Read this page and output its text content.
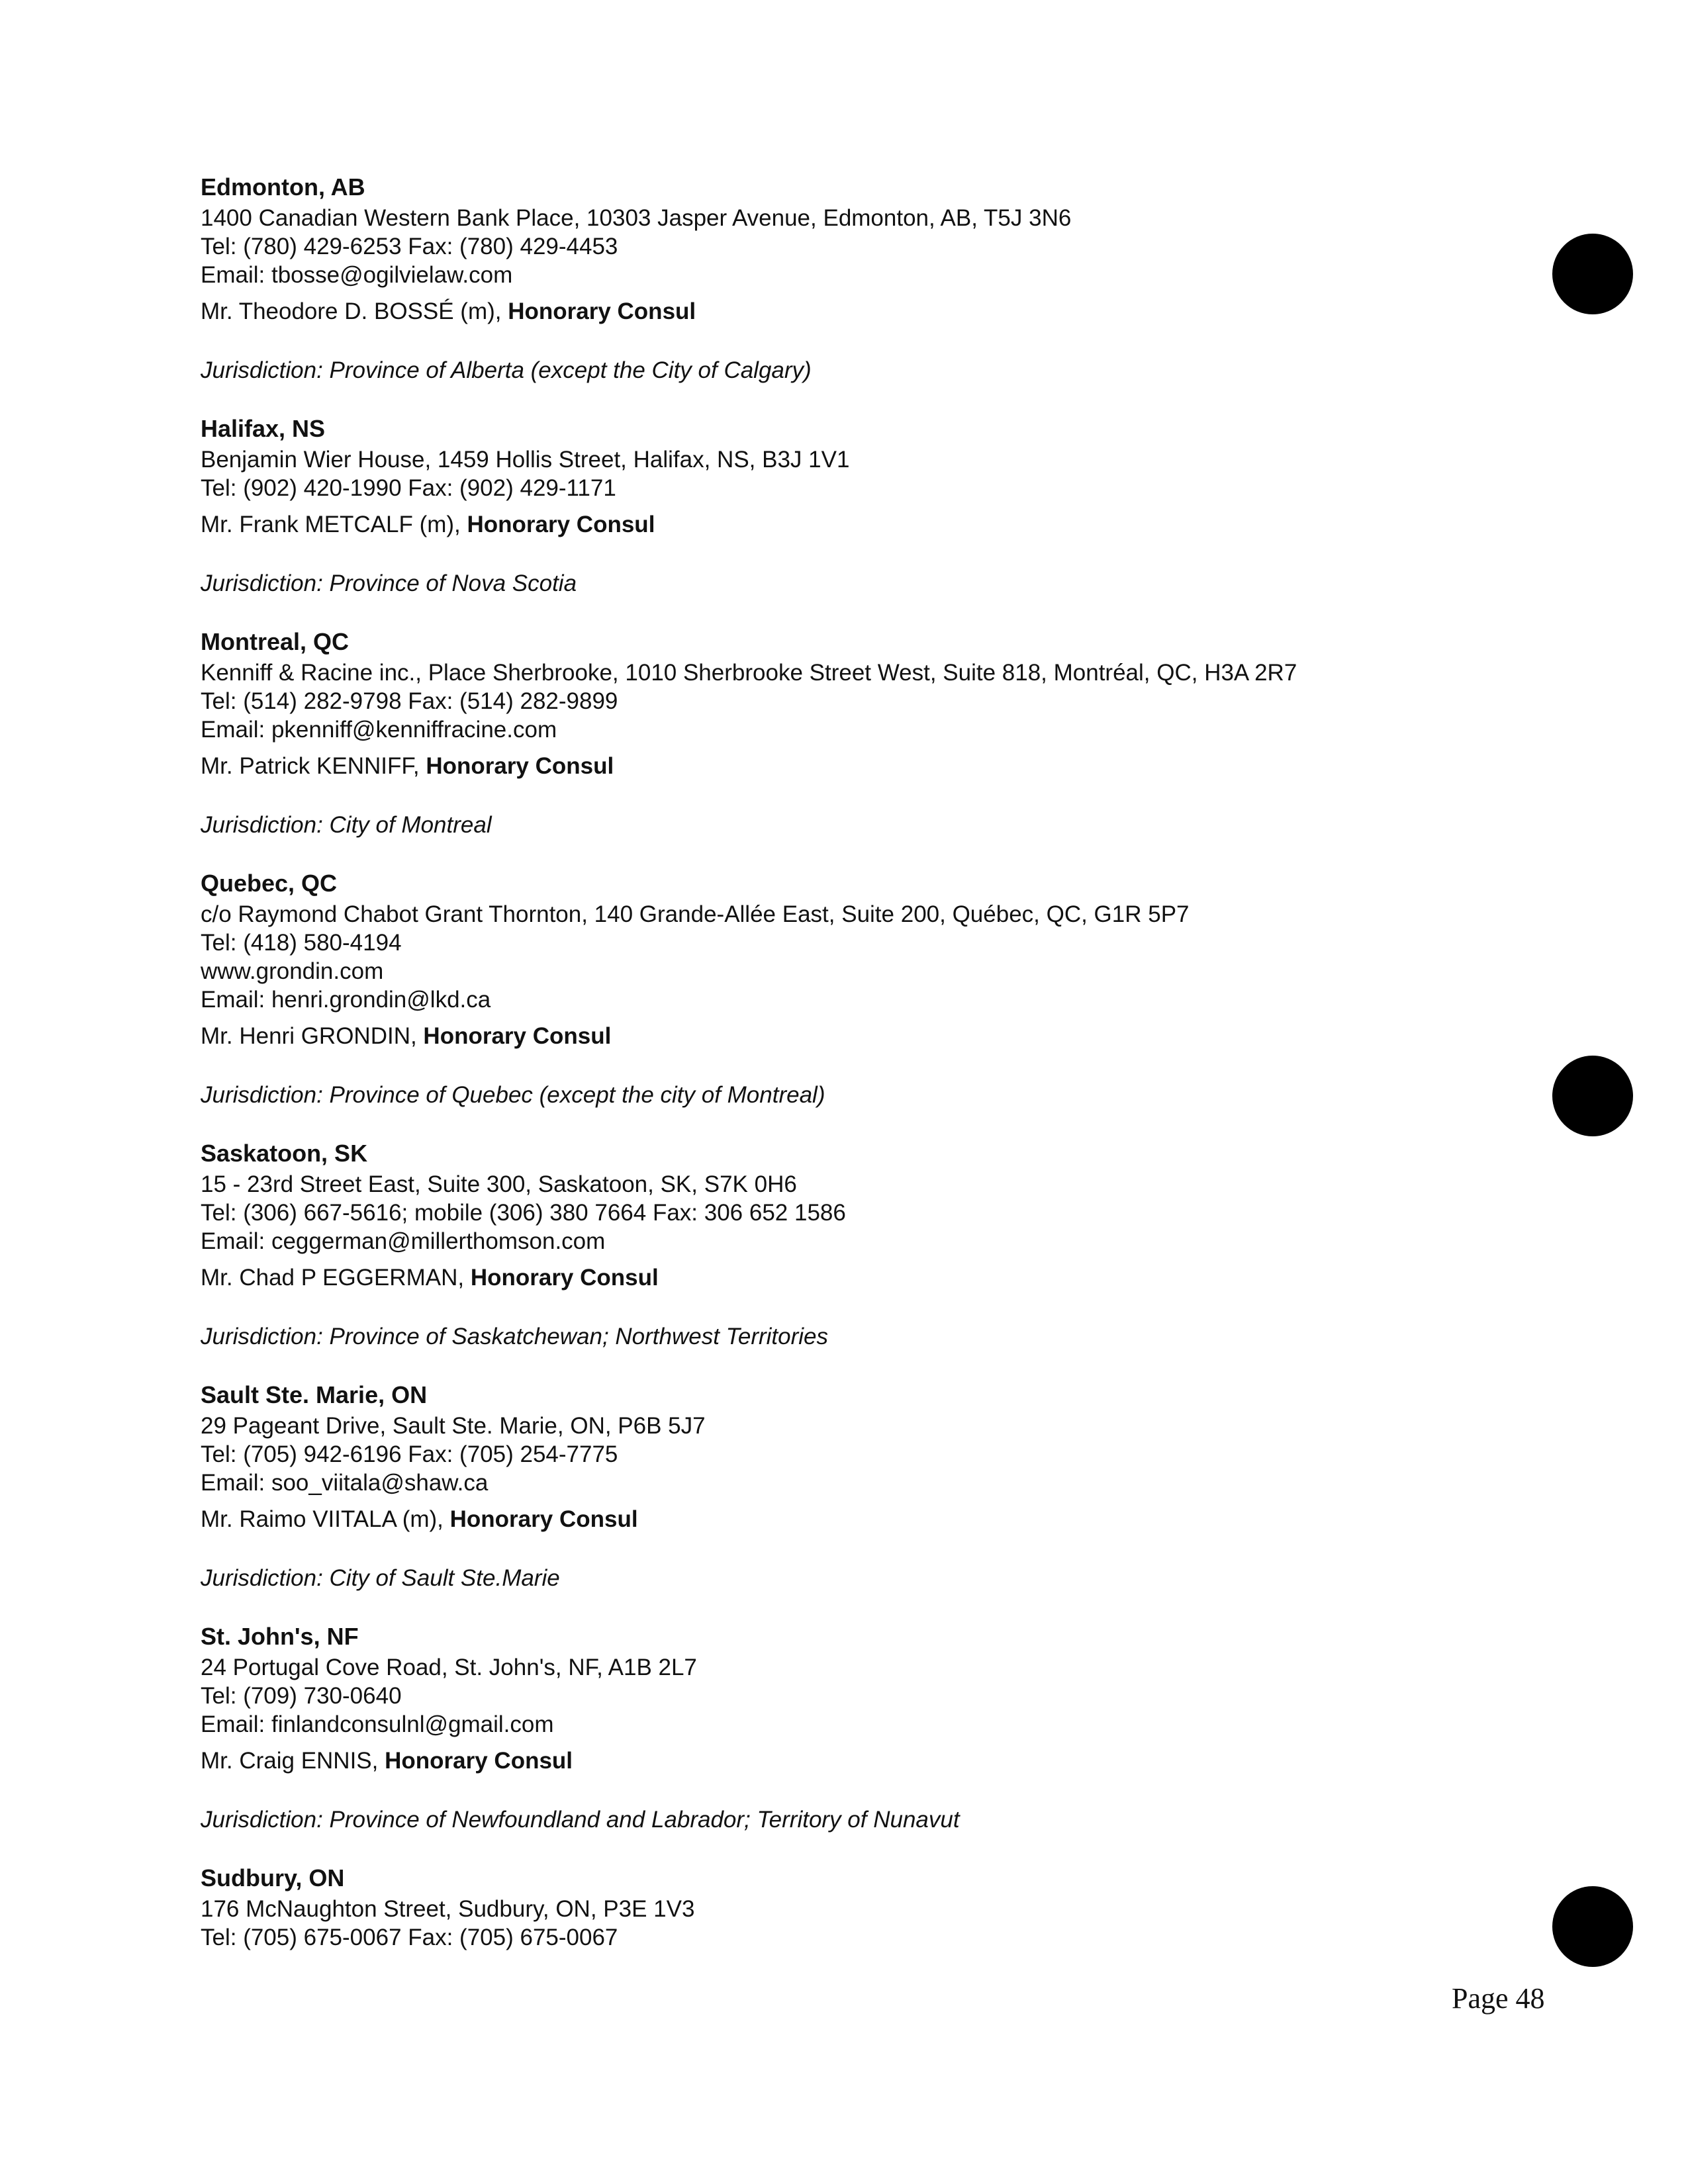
Edmonton, AB
1400 Canadian Western Bank Place, 10303 Jasper Avenue, Edmonton, AB, T5J 3N6
Tel: (780) 429-6253 Fax: (780) 429-4453
Email: tbosse@ogilvielaw.com
Mr. Theodore D. BOSSÉ (m), Honorary Consul
Jurisdiction: Province of Alberta (except the City of Calgary)
Halifax, NS
Benjamin Wier House, 1459 Hollis Street, Halifax, NS, B3J 1V1
Tel: (902) 420-1990 Fax: (902) 429-1171
Mr. Frank METCALF (m), Honorary Consul
Jurisdiction: Province of Nova Scotia
Montreal, QC
Kenniff & Racine inc., Place Sherbrooke, 1010 Sherbrooke Street West, Suite 818, Montréal, QC, H3A 2R7
Tel: (514) 282-9798 Fax: (514) 282-9899
Email: pkenniff@kenniffracine.com
Mr. Patrick KENNIFF, Honorary Consul
Jurisdiction: City of Montreal
Quebec, QC
c/o Raymond Chabot Grant Thornton, 140 Grande-Allée East, Suite 200, Québec, QC, G1R 5P7
Tel: (418) 580-4194
www.grondin.com
Email: henri.grondin@lkd.ca
Mr. Henri GRONDIN, Honorary Consul
Jurisdiction: Province of Quebec (except the city of Montreal)
Saskatoon, SK
15 - 23rd Street East, Suite 300, Saskatoon, SK, S7K 0H6
Tel: (306) 667-5616; mobile (306) 380 7664 Fax: 306 652 1586
Email: ceggerman@millerthomson.com
Mr. Chad P EGGERMAN, Honorary Consul
Jurisdiction: Province of Saskatchewan; Northwest Territories
Sault Ste. Marie, ON
29 Pageant Drive, Sault Ste. Marie, ON, P6B 5J7
Tel: (705) 942-6196 Fax: (705) 254-7775
Email: soo_viitala@shaw.ca
Mr. Raimo VIITALA (m), Honorary Consul
Jurisdiction: City of Sault Ste.Marie
St. John's, NF
24 Portugal Cove Road, St. John's, NF, A1B 2L7
Tel: (709) 730-0640
Email: finlandconsulnl@gmail.com
Mr. Craig ENNIS, Honorary Consul
Jurisdiction: Province of Newfoundland and Labrador; Territory of Nunavut
Sudbury, ON
176 McNaughton Street, Sudbury, ON, P3E 1V3
Tel: (705) 675-0067 Fax: (705) 675-0067
Page 48
